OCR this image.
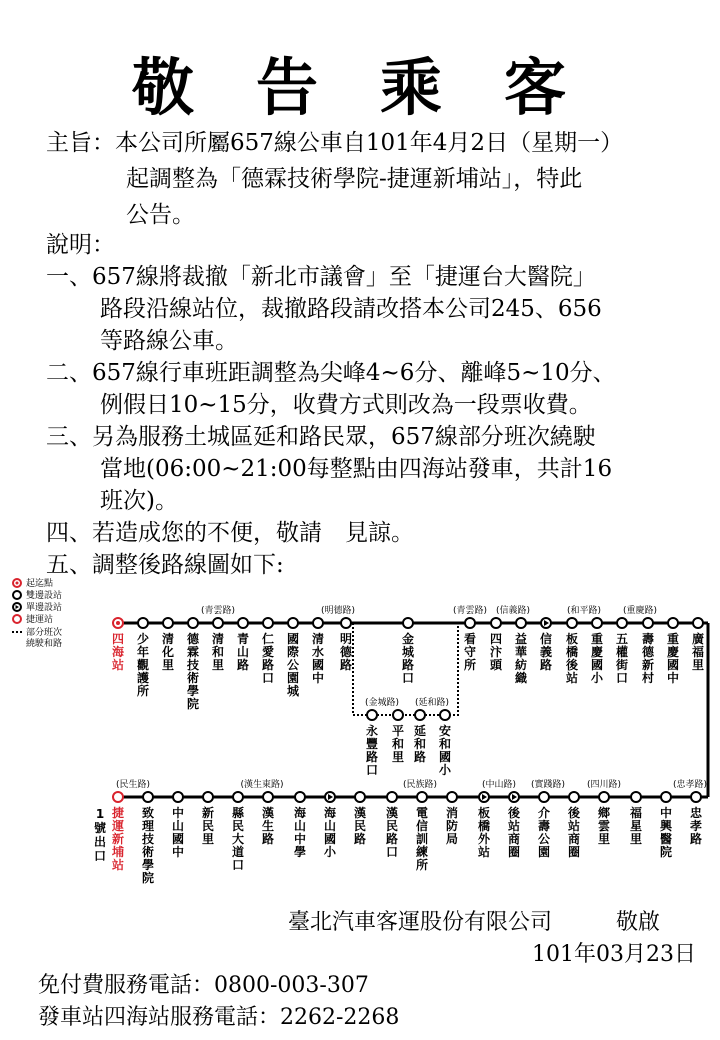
敬告乘客
主旨：本公司所屬657線公車自101年4月2日（星期一）
起調整為「德霖技術學院-捷運新埔站」，特此
公告。
說明：
一、657線將裁撤「新北市議會」至「捷運台大醫院」
路段沿線站位，裁撤路段請改搭本公司245、656
等路線公車。
二、657線行車班距調整為尖峰4~6分、離峰5~10分、
例假日10~15分，收費方式則改為一段票收費。
三、另為服務土城區延和路民眾，657線部分班次繞駛
當地(06:00~21:00每整點由四海站發車，共計16
班次)。
四、若造成您的不便，敬請　見諒。
五、調整後路線圖如下:
起迄點
雙邊設站
單邊設站
捷運站
部分班次
繞駛和路	四
海
站
少
年
觀
護
所
清
化
里
德
霖
技
術
學
院
清
和
里
青
山
路
仁
愛
路
口
國
際
公
園
城
清
水
國
中
明
德
路
金
城
路
口
看
守
所
四
汴
頭
益
華
紡
織
信
義
路
板
橋
後
站
重
慶
國
小
五
權
街
口
壽
德
新
村
重
慶
國
中
廣
福
里
永
豐
路
口
平
和
里
延
和
路
安
和
國
小
捷
運
新
埔
站
致
理
技
術
學
院
中
山
國
中
新
民
里
縣
民
大
道
口
漢
生
路
海
山
中
學
海
山
國
小
漢
民
路
漢
民
路
口
電
信
訓
練
所
消
防
局
板
橋
外
站
後
站
商
圈
介
壽
公
園
後
站
商
圈
鄉
雲
里
福
星
里
中
興
醫
院
忠
孝
路
(青雲路)	(明德路)	(青雲路) (信義路)	(和平路) (重慶路)
(金城路) (延和路)
(民生路)	(漢生東路)	(民族路)	(中山路) (實踐路) (四川路)	(忠孝路)
1
號
出
口
臺北汽車客運股份有限公司	敬啟
101年03月23日
免付費服務電話：0800-003-307
發車站四海站服務電話：2262-2268
